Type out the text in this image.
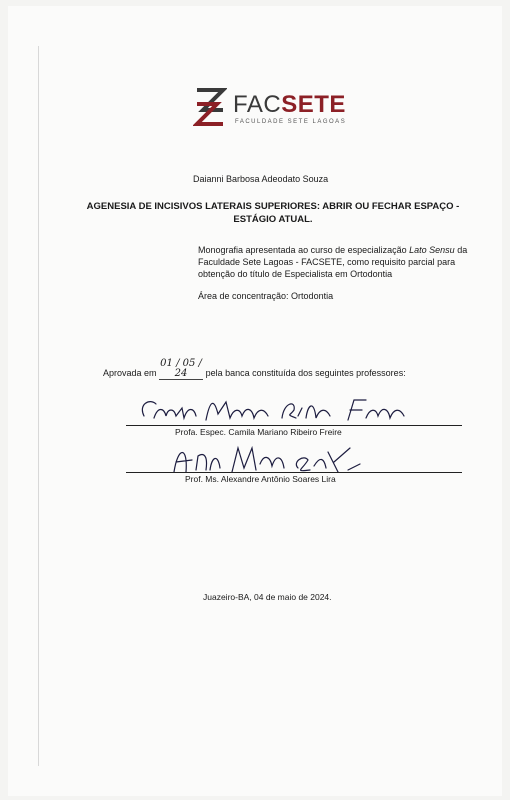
FACSETE
FACULDADE SETE LAGOAS
Daianni Barbosa Adeodato Souza
AGENESIA DE INCISIVOS LATERAIS SUPERIORES: ABRIR OU FECHAR ESPAÇO -
ESTÁGIO ATUAL.
Monografia apresentada ao curso de especialização Lato Sensu da Faculdade Sete Lagoas - FACSETE, como requisito parcial para obtenção do título de Especialista em Ortodontia
Área de concentração: Ortodontia
Aprovada em 01 / 05 / 24 pela banca constituída dos seguintes professores:
Profa. Espec. Camila Mariano Ribeiro Freire
Prof. Ms. Alexandre Antônio Soares Lira
Juazeiro-BA, 04 de maio de 2024.
